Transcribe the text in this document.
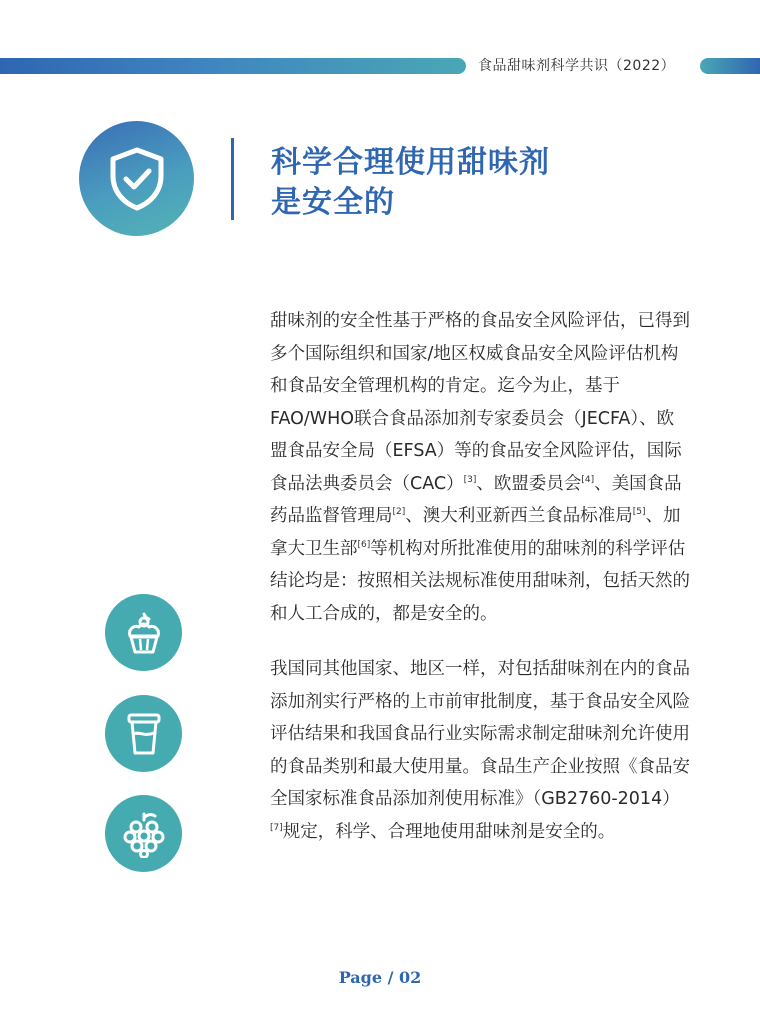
食品甜味剂科学共识（2022）
科学合理使用甜味剂
是安全的
甜味剂的安全性基于严格的食品安全风险评估，已得到多个国际组织和国家/地区权威食品安全风险评估机构和食品安全管理机构的肯定。迄今为止，基于FAO/WHO联合食品添加剂专家委员会（JECFA）、欧盟食品安全局（EFSA）等的食品安全风险评估，国际食品法典委员会（CAC）[3]、欧盟委员会[4]、美国食品药品监督管理局[2]、澳大利亚新西兰食品标准局[5]、加拿大卫生部[6]等机构对所批准使用的甜味剂的科学评估结论均是：按照相关法规标准使用甜味剂，包括天然的和人工合成的，都是安全的。
我国同其他国家、地区一样，对包括甜味剂在内的食品添加剂实行严格的上市前审批制度，基于食品安全风险评估结果和我国食品行业实际需求制定甜味剂允许使用的食品类别和最大使用量。食品生产企业按照《食品安全国家标准食品添加剂使用标准》（GB2760-2014）[7]规定，科学、合理地使用甜味剂是安全的。
Page / 02
